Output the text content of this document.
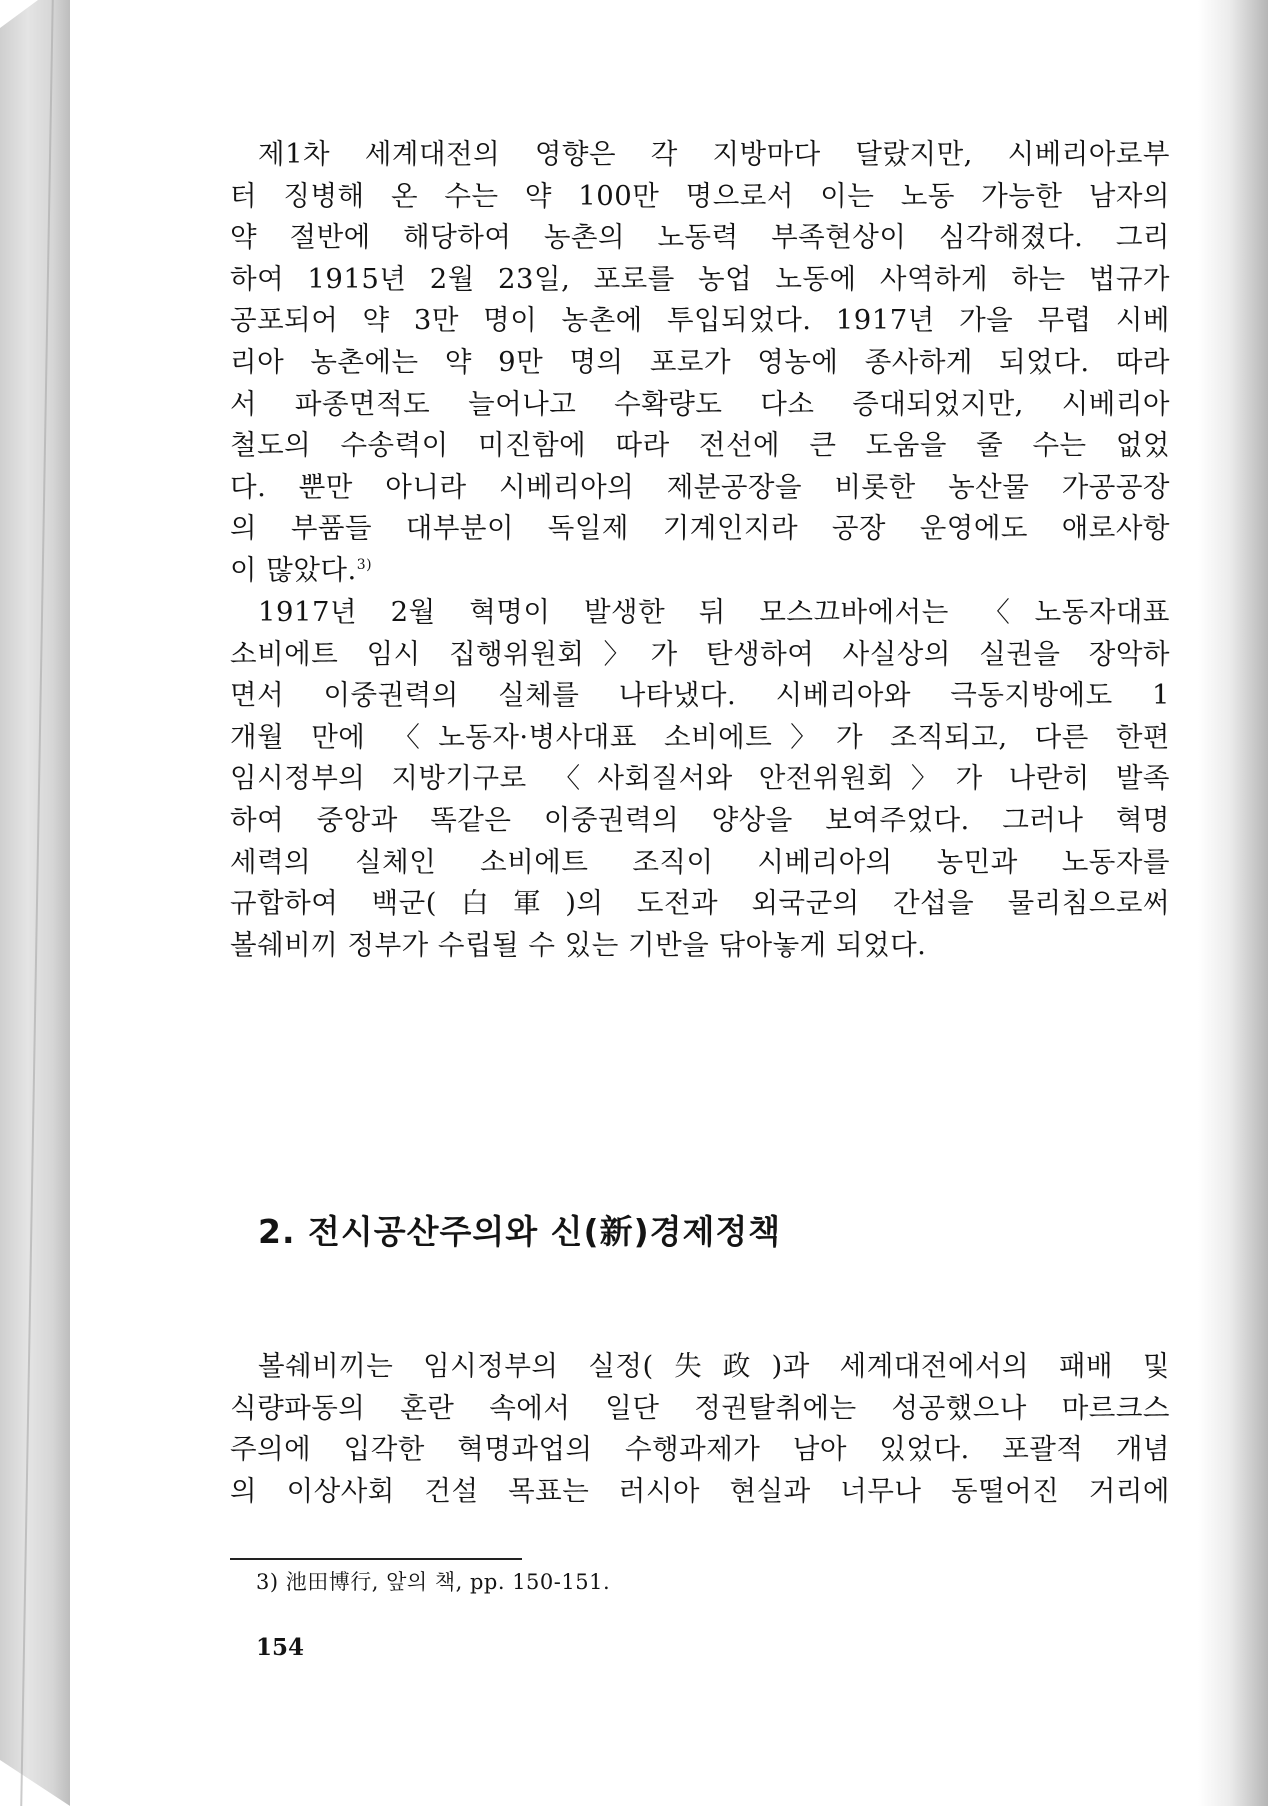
제1차 세계대전의 영향은 각 지방마다 달랐지만, 시베리아로부

터 징병해 온 수는 약 100만 명으로서 이는 노동 가능한 남자의

약 절반에 해당하여 농촌의 노동력 부족현상이 심각해졌다. 그리

하여 1915년 2월 23일, 포로를 농업 노동에 사역하게 하는 법규가

공포되어 약 3만 명이 농촌에 투입되었다. 1917년 가을 무렵 시베

리아 농촌에는 약 9만 명의 포로가 영농에 종사하게 되었다. 따라

서 파종면적도 늘어나고 수확량도 다소 증대되었지만, 시베리아

철도의 수송력이 미진함에 따라 전선에 큰 도움을 줄 수는 없었

다. 뿐만 아니라 시베리아의 제분공장을 비롯한 농산물 가공공장

의 부품들 대부분이 독일제 기계인지라 공장 운영에도 애로사항

이 많았다.$^{3)}$

1917년 2월 혁명이 발생한 뒤 모스끄바에서는 〈노동자대표

소비에트 임시 집행위원회〉가 탄생하여 사실상의 실권을 장악하

면서 이중권력의 실체를 나타냈다. 시베리아와 극동지방에도 1

개월 만에 〈노동자·병사대표 소비에트〉가 조직되고, 다른 한편

임시정부의 지방기구로 〈사회질서와 안전위원회〉가 나란히 발족

하여 중앙과 똑같은 이중권력의 양상을 보여주었다. 그러나 혁명

세력의 실체인 소비에트 조직이 시베리아의 농민과 노동자를

규합하여 백군(白軍)의 도전과 외국군의 간섭을 물리침으로써

볼쉐비끼 정부가 수립될 수 있는 기반을 닦아놓게 되었다.

2. 전시공산주의와 신(新)경제정책

볼쉐비끼는 임시정부의 실정(失政)과 세계대전에서의 패배 및

식량파동의 혼란 속에서 일단 정권탈취에는 성공했으나 마르크스

주의에 입각한 혁명과업의 수행과제가 남아 있었다. 포괄적 개념

의 이상사회 건설 목표는 러시아 현실과 너무나 동떨어진 거리에

3) 池田博行, 앞의 책, pp. 150-151.
154
